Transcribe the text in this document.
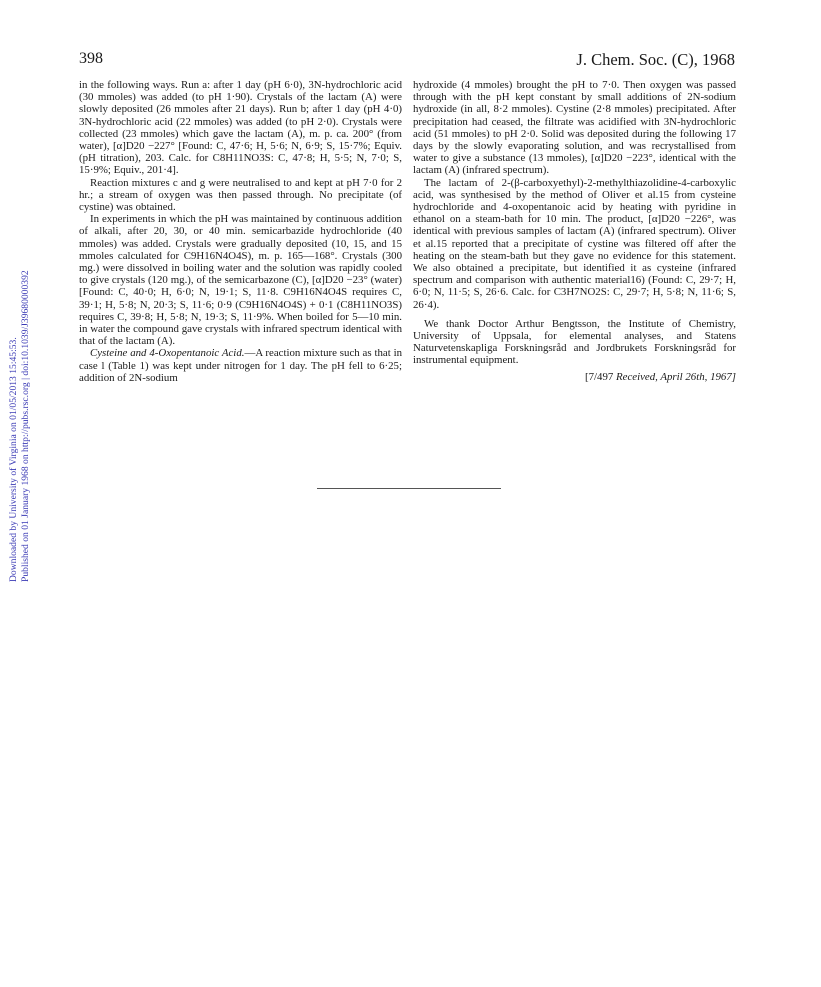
398	J. Chem. Soc. (C), 1968
Downloaded by University of Virginia on 01/05/2013 15:45:53. Published on 01 January 1968 on http://pubs.rsc.org | doi:10.1039/J39680000392

in the following ways. Run a: after 1 day (pH 6·0), 3N-hydrochloric acid (30 mmoles) was added (to pH 1·90). Crystals of the lactam (A) were slowly deposited (26 mmoles after 21 days). Run b; after 1 day (pH 4·0) 3N-hydrochloric acid (22 mmoles) was added (to pH 2·0). Crystals were collected (23 mmoles) which gave the lactam (A), m. p. ca. 200° (from water), [α]D20 −227° [Found: C, 47·6; H, 5·6; N, 6·9; S, 15·7%; Equiv. (pH titration), 203. Calc. for C8H11NO3S: C, 47·8; H, 5·5; N, 7·0; S, 15·9%; Equiv., 201·4].

Reaction mixtures c and g were neutralised to and kept at pH 7·0 for 2 hr.; a stream of oxygen was then passed through. No precipitate (of cystine) was obtained.

In experiments in which the pH was maintained by continuous addition of alkali, after 20, 30, or 40 min. semicarbazide hydrochloride (40 mmoles) was added. Crystals were gradually deposited (10, 15, and 15 mmoles calculated for C9H16N4O4S), m. p. 165—168°. Crystals (300 mg.) were dissolved in boiling water and the solution was rapidly cooled to give crystals (120 mg.), of the semicarbazone (C), [α]D20 −23° (water) [Found: C, 40·0; H, 6·0; N, 19·1; S, 11·8. C9H16N4O4S requires C, 39·1; H, 5·8; N, 20·3; S, 11·6; 0·9 (C9H16N4O4S) + 0·1 (C8H11NO3S) requires C, 39·8; H, 5·8; N, 19·3; S, 11·9%. When boiled for 5—10 min. in water the compound gave crystals with infrared spectrum identical with that of the lactam (A).

Cysteine and 4-Oxopentanoic Acid.—A reaction mixture such as that in case l (Table 1) was kept under nitrogen for 1 day. The pH fell to 6·25; addition of 2N-sodium

hydroxide (4 mmoles) brought the pH to 7·0. Then oxygen was passed through with the pH kept constant by small additions of 2N-sodium hydroxide (in all, 8·2 mmoles). Cystine (2·8 mmoles) precipitated. After precipitation had ceased, the filtrate was acidified with 3N-hydrochloric acid (51 mmoles) to pH 2·0. Solid was deposited during the following 17 days by the slowly evaporating solution, and was recrystallised from water to give a substance (13 mmoles), [α]D20 −223°, identical with the lactam (A) (infrared spectrum).

The lactam of 2-(β-carboxyethyl)-2-methylthiazolidine-4-carboxylic acid, was synthesised by the method of Oliver et al.15 from cysteine hydrochloride and 4-oxopentanoic acid by heating with pyridine in ethanol on a steam-bath for 10 min. The product, [α]D20 −226°, was identical with previous samples of lactam (A) (infrared spectrum). Oliver et al.15 reported that a precipitate of cystine was filtered off after the heating on the steam-bath but they gave no evidence for this statement. We also obtained a precipitate, but identified it as cysteine (infrared spectrum and comparison with authentic material16) (Found: C, 29·7; H, 6·0; N, 11·5; S, 26·6. Calc. for C3H7NO2S: C, 29·7; H, 5·8; N, 11·6; S, 26·4).

We thank Doctor Arthur Bengtsson, the Institute of Chemistry, University of Uppsala, for elemental analyses, and Statens Naturvetenskapliga Forskningsråd and Jordbrukets Forskningsråd for instrumental equipment.

[7/497 Received, April 26th, 1967]
